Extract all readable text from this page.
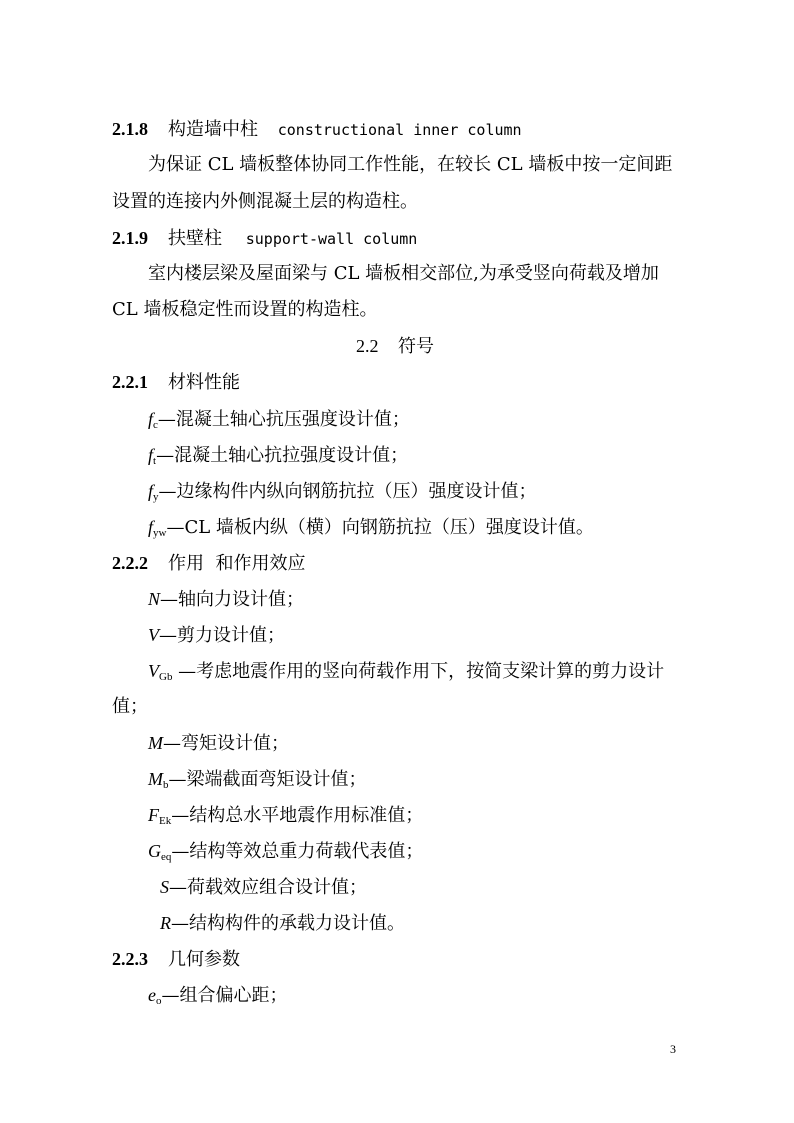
2.1.8 构造墙中柱 constructional inner column
为保证 CL 墙板整体协同工作性能，在较长 CL 墙板中按一定间距
设置的连接内外侧混凝土层的构造柱。
2.1.9 扶壁柱 support-wall column
室内楼层梁及屋面梁与 CL 墙板相交部位,为承受竖向荷载及增加
CL 墙板稳定性而设置的构造柱。
2.2 符号
2.2.1 材料性能
$f_c—$混凝土轴心抗压强度设计值；
$f_t—$混凝土轴心抗拉强度设计值；
$f_y—$边缘构件内纵向钢筋抗拉（压）强度设计值；
$f_{yw}—CL$ 墙板内纵（横）向钢筋抗拉（压）强度设计值。
2.2.2 作用  和作用效应
N—轴向力设计值；
V—剪力设计值；
$V_{Gb}$ —考虑地震作用的竖向荷载作用下，按简支梁计算的剪力设计
值；
M—弯矩设计值；
$M_b—$梁端截面弯矩设计值；
$F_{Ek}—$结构总水平地震作用标准值；
$G_{eq}—$结构等效总重力荷载代表值；
S—荷载效应组合设计值；
R—结构构件的承载力设计值。
2.2.3 几何参数
$e_o—$组合偏心距；
3
